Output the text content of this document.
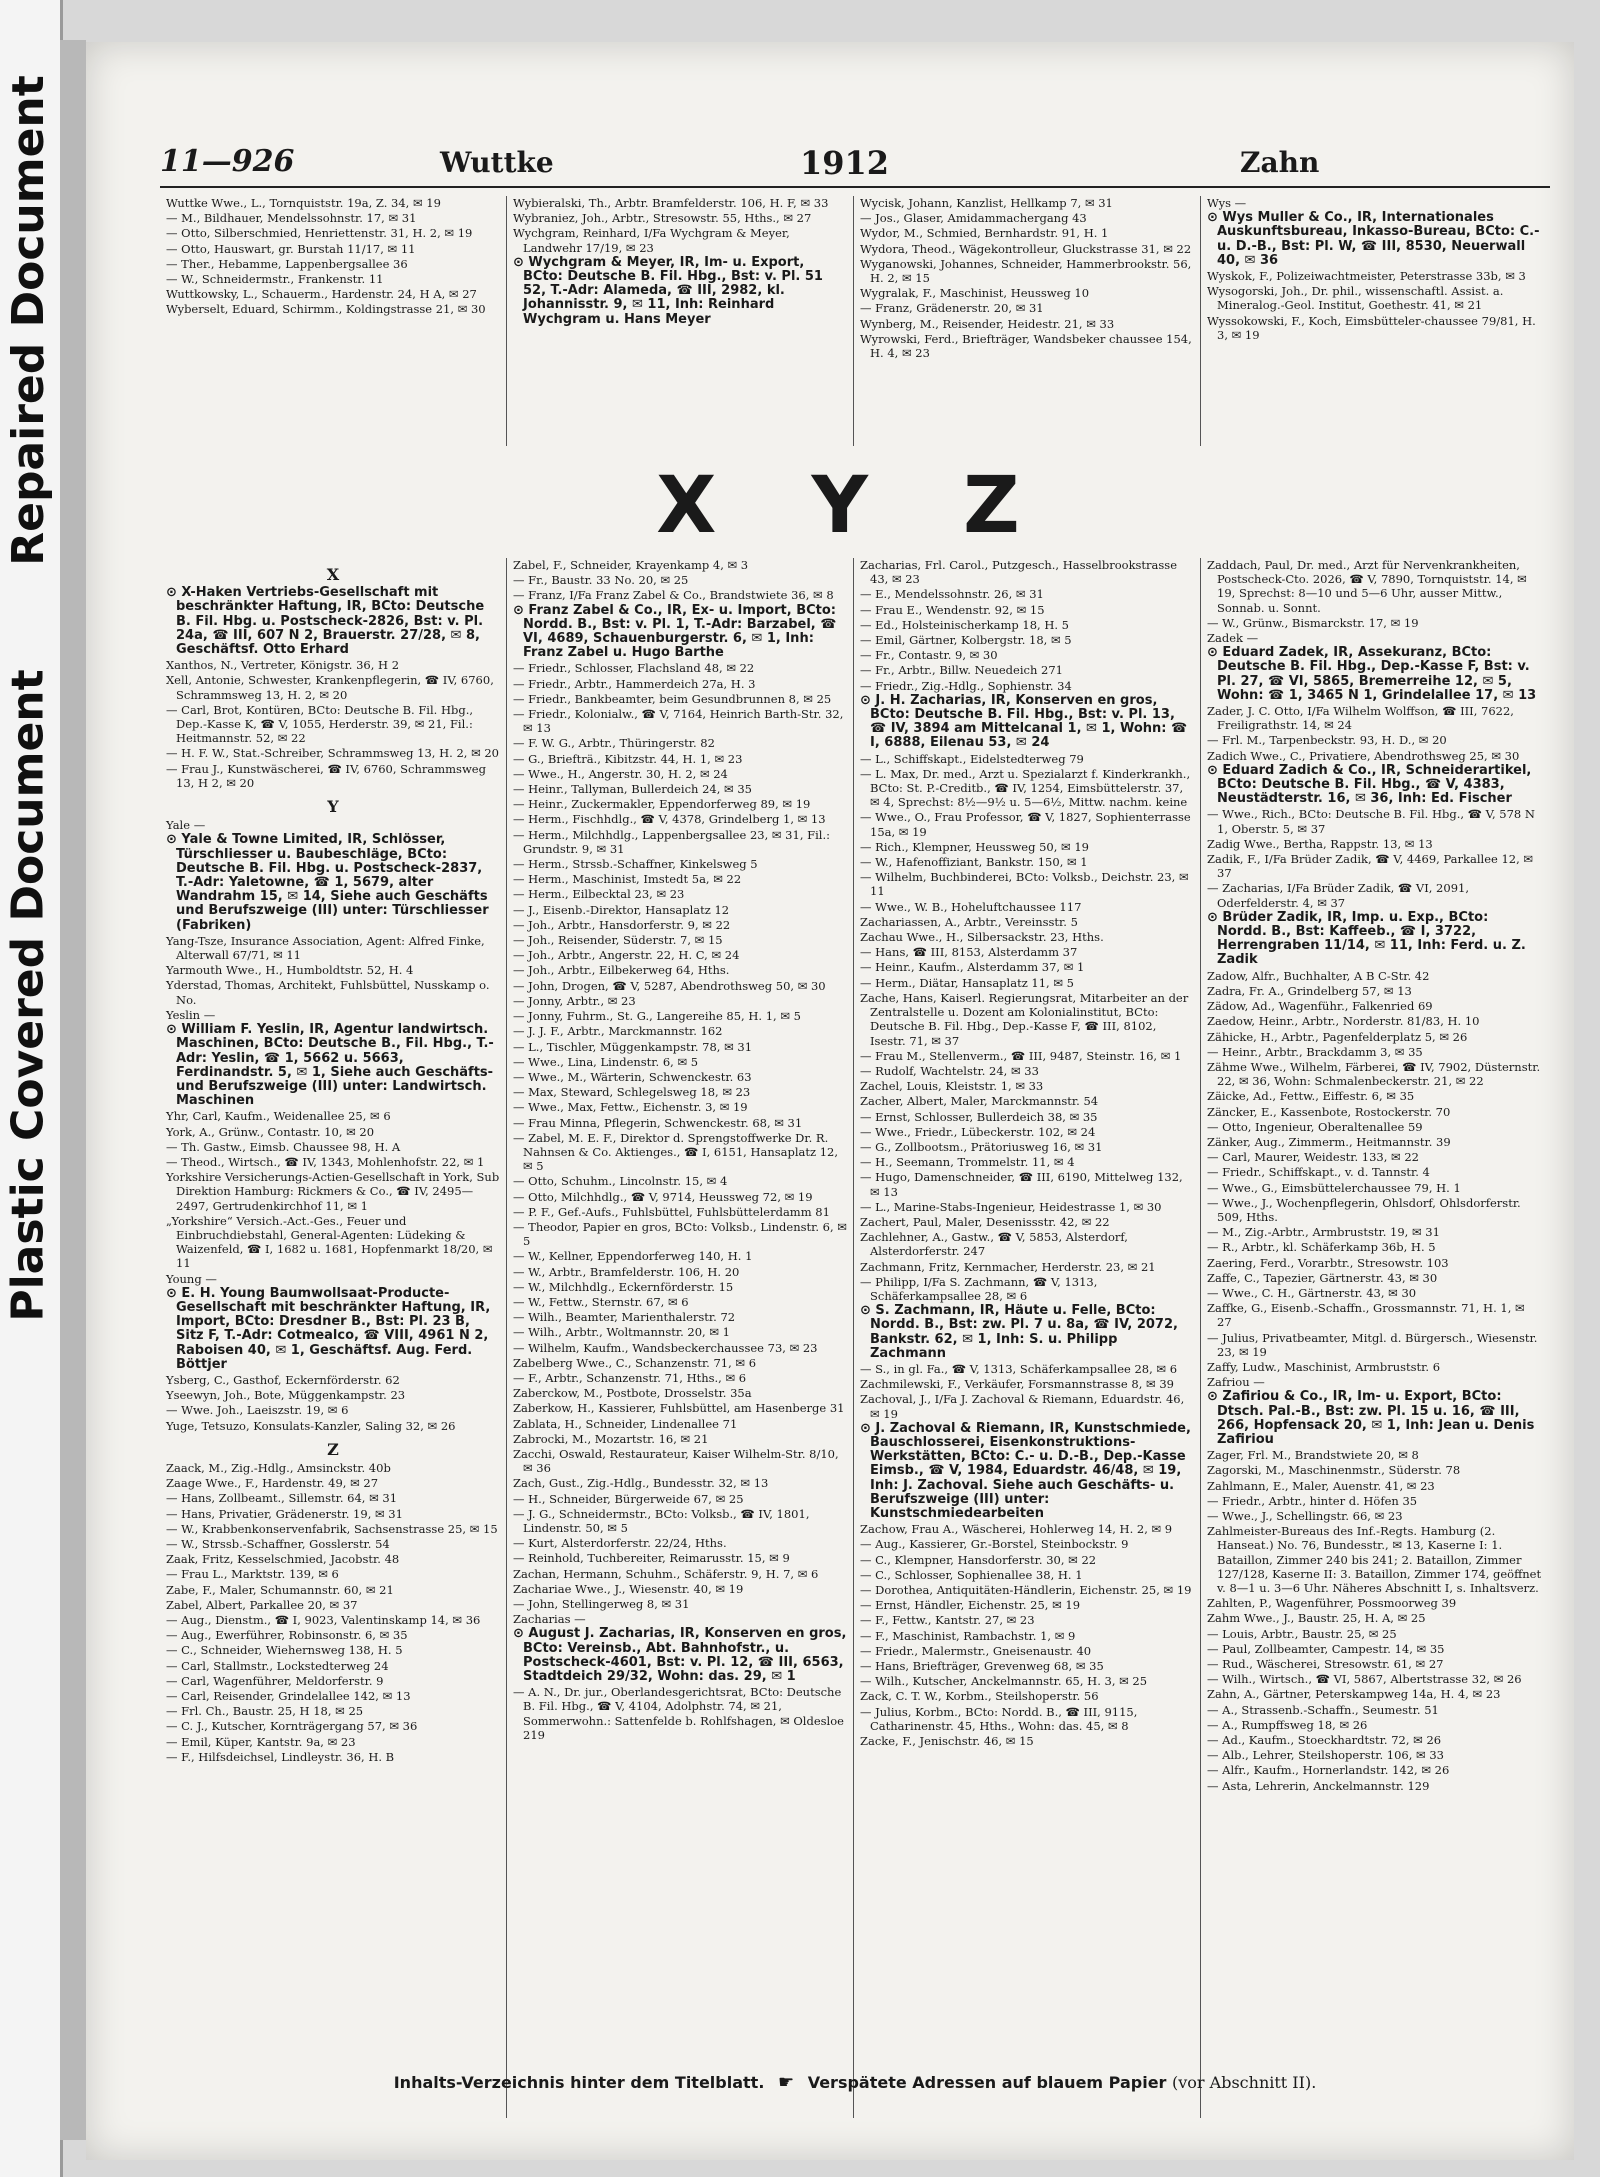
Repaired Document
Plastic Covered Document
11—926	Wuttke	1912	Zahn
Wuttke Wwe., L., Tornquiststr. 19a, Z. 34, ✉ 19
— M., Bildhauer, Mendelssohnstr. 17, ✉ 31
— Otto, Silberschmied, Henriettenstr. 31, H. 2, ✉ 19
— Otto, Hauswart, gr. Burstah 11/17, ✉ 11
— Ther., Hebamme, Lappenbergsallee 36
— W., Schneidermstr., Frankenstr. 11
Wuttkowsky, L., Schauerm., Hardenstr. 24, H A, ✉ 27
Wyberselt, Eduard, Schirmm., Koldingstrasse 21, ✉ 30
Wybieralski, Th., Arbtr. Bramfelderstr. 106, H. F, ✉ 33
Wybraniez, Joh., Arbtr., Stresowstr. 55, Hths., ✉ 27
Wychgram, Reinhard, I/Fa Wychgram & Meyer, Landwehr 17/19, ✉ 23
⊙ Wychgram & Meyer, IR, Im- u. Export, BCto: Deutsche B. Fil. Hbg., Bst: v. Pl. 51 52, T.-Adr: Alameda, ☎ III, 2982, kl. Johannisstr. 9, ✉ 11, Inh: Reinhard Wychgram u. Hans Meyer
Wycisk, Johann, Kanzlist, Hellkamp 7, ✉ 31
— Jos., Glaser, Amidammachergang 43
Wydor, M., Schmied, Bernhardstr. 91, H. 1
Wydora, Theod., Wägekontrolleur, Gluckstrasse 31, ✉ 22
Wyganowski, Johannes, Schneider, Hammerbrookstr. 56, H. 2, ✉ 15
Wygralak, F., Maschinist, Heussweg 10
— Franz, Grädenerstr. 20, ✉ 31
Wynberg, M., Reisender, Heidestr. 21, ✉ 33
Wyrowski, Ferd., Briefträger, Wandsbeker chaussee 154, H. 4, ✉ 23
Wys —
⊙ Wys Muller & Co., IR, Internationales Auskunftsbureau, Inkasso-Bureau, BCto: C.- u. D.-B., Bst: Pl. W, ☎ III, 8530, Neuerwall 40, ✉ 36
Wyskok, F., Polizeiwachtmeister, Peterstrasse 33b, ✉ 3
Wysogorski, Joh., Dr. phil., wissenschaftl. Assist. a. Mineralog.-Geol. Institut, Goethestr. 41, ✉ 21
Wyssokowski, F., Koch, Eimsbütteler-chaussee 79/81, H. 3, ✉ 19
X Y Z
X
⊙ X-Haken Vertriebs-Gesellschaft mit beschränkter Haftung, IR, BCto: Deutsche B. Fil. Hbg. u. Postscheck-2826, Bst: v. Pl. 24a, ☎ III, 607 N 2, Brauerstr. 27/28, ✉ 8, Geschäftsf. Otto Erhard
Xanthos, N., Vertreter, Königstr. 36, H 2
Xell, Antonie, Schwester, Krankenpflegerin, ☎ IV, 6760, Schrammsweg 13, H. 2, ✉ 20
— Carl, Brot, Kontüren, BCto: Deutsche B. Fil. Hbg., Dep.-Kasse K, ☎ V, 1055, Herderstr. 39, ✉ 21, Fil.: Heitmannstr. 52, ✉ 22
— H. F. W., Stat.-Schreiber, Schrammsweg 13, H. 2, ✉ 20
— Frau J., Kunstwäscherei, ☎ IV, 6760, Schrammsweg 13, H 2, ✉ 20
Y
Yale —
⊙ Yale & Towne Limited, IR, Schlösser, Türschliesser u. Baubeschläge, BCto: Deutsche B. Fil. Hbg. u. Postscheck-2837, T.-Adr: Yaletowne, ☎ 1, 5679, alter Wandrahm 15, ✉ 14, Siehe auch Geschäfts und Berufszweige (III) unter: Türschliesser (Fabriken)
Yang-Tsze, Insurance Association, Agent: Alfred Finke, Alterwall 67/71, ✉ 11
Yarmouth Wwe., H., Humboldtstr. 52, H. 4
Yderstad, Thomas, Architekt, Fuhlsbüttel, Nusskamp o. No.
Yeslin —
⊙ William F. Yeslin, IR, Agentur landwirtsch. Maschinen, BCto: Deutsche B., Fil. Hbg., T.-Adr: Yeslin, ☎ 1, 5662 u. 5663, Ferdinandstr. 5, ✉ 1, Siehe auch Geschäfts- und Berufszweige (III) unter: Landwirtsch. Maschinen
Yhr, Carl, Kaufm., Weidenallee 25, ✉ 6
York, A., Grünw., Contastr. 10, ✉ 20
— Th. Gastw., Eimsb. Chaussee 98, H. A
— Theod., Wirtsch., ☎ IV, 1343, Mohlenhofstr. 22, ✉ 1
Yorkshire Versicherungs-Actien-Gesellschaft in York, Sub Direktion Hamburg: Rickmers & Co., ☎ IV, 2495—2497, Gertrudenkirchhof 11, ✉ 1
„Yorkshire“ Versich.-Act.-Ges., Feuer und Einbruchdiebstahl, General-Agenten: Lüdeking & Waizenfeld, ☎ I, 1682 u. 1681, Hopfenmarkt 18/20, ✉ 11
Young —
⊙ E. H. Young Baumwollsaat-Producte-Gesellschaft mit beschränkter Haftung, IR, Import, BCto: Dresdner B., Bst: Pl. 23 B, Sitz F, T.-Adr: Cotmealco, ☎ VIII, 4961 N 2, Raboisen 40, ✉ 1, Geschäftsf. Aug. Ferd. Böttjer
Ysberg, C., Gasthof, Eckernförderstr. 62
Yseewyn, Joh., Bote, Müggenkampstr. 23
— Wwe. Joh., Laeiszstr. 19, ✉ 6
Yuge, Tetsuzo, Konsulats-Kanzler, Saling 32, ✉ 26
Z
Zaack, M., Zig.-Hdlg., Amsinckstr. 40b
Zaage Wwe., F., Hardenstr. 49, ✉ 27
— Hans, Zollbeamt., Sillemstr. 64, ✉ 31
— Hans, Privatier, Grädenerstr. 19, ✉ 31
— W., Krabbenkonservenfabrik, Sachsenstrasse 25, ✉ 15
— W., Strssb.-Schaffner, Gosslerstr. 54
Zaak, Fritz, Kesselschmied, Jacobstr. 48
— Frau L., Marktstr. 139, ✉ 6
Zabe, F., Maler, Schumannstr. 60, ✉ 21
Zabel, Albert, Parkallee 20, ✉ 37
— Aug., Dienstm., ☎ I, 9023, Valentinskamp 14, ✉ 36
— Aug., Ewerführer, Robinsonstr. 6, ✉ 35
— C., Schneider, Wiehernsweg 138, H. 5
— Carl, Stallmstr., Lockstedterweg 24
— Carl, Wagenführer, Meldorferstr. 9
— Carl, Reisender, Grindelallee 142, ✉ 13
— Frl. Ch., Baustr. 25, H 18, ✉ 25
— C. J., Kutscher, Kornträgergang 57, ✉ 36
— Emil, Küper, Kantstr. 9a, ✉ 23
— F., Hilfsdeichsel, Lindleystr. 36, H. B
Zabel, F., Schneider, Krayenkamp 4, ✉ 3
— Fr., Baustr. 33 No. 20, ✉ 25
— Franz, I/Fa Franz Zabel & Co., Brandstwiete 36, ✉ 8
⊙ Franz Zabel & Co., IR, Ex- u. Import, BCto: Nordd. B., Bst: v. Pl. 1, T.-Adr: Barzabel, ☎ VI, 4689, Schauenburgerstr. 6, ✉ 1, Inh: Franz Zabel u. Hugo Barthe
— Friedr., Schlosser, Flachsland 48, ✉ 22
— Friedr., Arbtr., Hammerdeich 27a, H. 3
— Friedr., Bankbeamter, beim Gesundbrunnen 8, ✉ 25
— Friedr., Kolonialw., ☎ V, 7164, Heinrich Barth-Str. 32, ✉ 13
— F. W. G., Arbtr., Thüringerstr. 82
— G., Briefträ., Kibitzstr. 44, H. 1, ✉ 23
— Wwe., H., Angerstr. 30, H. 2, ✉ 24
— Heinr., Tallyman, Bullerdeich 24, ✉ 35
— Heinr., Zuckermakler, Eppendorferweg 89, ✉ 19
— Herm., Fischhdlg., ☎ V, 4378, Grindelberg 1, ✉ 13
— Herm., Milchhdlg., Lappenbergsallee 23, ✉ 31, Fil.: Grundstr. 9, ✉ 31
— Herm., Strssb.-Schaffner, Kinkelsweg 5
— Herm., Maschinist, Imstedt 5a, ✉ 22
— Herm., Eilbecktal 23, ✉ 23
— J., Eisenb.-Direktor, Hansaplatz 12
— Joh., Arbtr., Hansdorferstr. 9, ✉ 22
— Joh., Reisender, Süderstr. 7, ✉ 15
— Joh., Arbtr., Angerstr. 22, H. C, ✉ 24
— Joh., Arbtr., Eilbekerweg 64, Hths.
— John, Drogen, ☎ V, 5287, Abendrothsweg 50, ✉ 30
— Jonny, Arbtr., ✉ 23
— Jonny, Fuhrm., St. G., Langereihe 85, H. 1, ✉ 5
— J. J. F., Arbtr., Marckmannstr. 162
— L., Tischler, Müggenkampstr. 78, ✉ 31
— Wwe., Lina, Lindenstr. 6, ✉ 5
— Wwe., M., Wärterin, Schwenckestr. 63
— Max, Steward, Schlegelsweg 18, ✉ 23
— Wwe., Max, Fettw., Eichenstr. 3, ✉ 19
— Frau Minna, Pflegerin, Schwenckestr. 68, ✉ 31
— Zabel, M. E. F., Direktor d. Sprengstoffwerke Dr. R. Nahnsen & Co. Aktienges., ☎ I, 6151, Hansaplatz 12, ✉ 5
— Otto, Schuhm., Lincolnstr. 15, ✉ 4
— Otto, Milchhdlg., ☎ V, 9714, Heussweg 72, ✉ 19
— P. F., Gef.-Aufs., Fuhlsbüttel, Fuhlsbüttelerdamm 81
— Theodor, Papier en gros, BCto: Volksb., Lindenstr. 6, ✉ 5
— W., Kellner, Eppendorferweg 140, H. 1
— W., Arbtr., Bramfelderstr. 106, H. 20
— W., Milchhdlg., Eckernförderstr. 15
— W., Fettw., Sternstr. 67, ✉ 6
— Wilh., Beamter, Marienthalerstr. 72
— Wilh., Arbtr., Woltmannstr. 20, ✉ 1
— Wilhelm, Kaufm., Wandsbeckerchaussee 73, ✉ 23
Zabelberg Wwe., C., Schanzenstr. 71, ✉ 6
— F., Arbtr., Schanzenstr. 71, Hths., ✉ 6
Zaberckow, M., Postbote, Drosselstr. 35a
Zaberkow, H., Kassierer, Fuhlsbüttel, am Hasenberge 31
Zablata, H., Schneider, Lindenallee 71
Zabrocki, M., Mozartstr. 16, ✉ 21
Zacchi, Oswald, Restaurateur, Kaiser Wilhelm-Str. 8/10, ✉ 36
Zach, Gust., Zig.-Hdlg., Bundesstr. 32, ✉ 13
— H., Schneider, Bürgerweide 67, ✉ 25
— J. G., Schneidermstr., BCto: Volksb., ☎ IV, 1801, Lindenstr. 50, ✉ 5
— Kurt, Alsterdorferstr. 22/24, Hths.
— Reinhold, Tuchbereiter, Reimarusstr. 15, ✉ 9
Zachan, Hermann, Schuhm., Schäferstr. 9, H. 7, ✉ 6
Zachariae Wwe., J., Wiesenstr. 40, ✉ 19
— John, Stellingerweg 8, ✉ 31
Zacharias —
⊙ August J. Zacharias, IR, Konserven en gros, BCto: Vereinsb., Abt. Bahnhofstr., u. Postscheck-4601, Bst: v. Pl. 12, ☎ III, 6563, Stadtdeich 29/32, Wohn: das. 29, ✉ 1
— A. N., Dr. jur., Oberlandesgerichtsrat, BCto: Deutsche B. Fil. Hbg., ☎ V, 4104, Adolphstr. 74, ✉ 21, Sommerwohn.: Sattenfelde b. Rohlfshagen, ✉ Oldesloe 219
Zacharias, Frl. Carol., Putzgesch., Hasselbrookstrasse 43, ✉ 23
— E., Mendelssohnstr. 26, ✉ 31
— Frau E., Wendenstr. 92, ✉ 15
— Ed., Holsteinischerkamp 18, H. 5
— Emil, Gärtner, Kolbergstr. 18, ✉ 5
— Fr., Contastr. 9, ✉ 30
— Fr., Arbtr., Billw. Neuedeich 271
— Friedr., Zig.-Hdlg., Sophienstr. 34
⊙ J. H. Zacharias, IR, Konserven en gros, BCto: Deutsche B. Fil. Hbg., Bst: v. Pl. 13, ☎ IV, 3894 am Mittelcanal 1, ✉ 1, Wohn: ☎ I, 6888, Eilenau 53, ✉ 24
— L., Schiffskapt., Eidelstedterweg 79
— L. Max, Dr. med., Arzt u. Spezialarzt f. Kinderkrankh., BCto: St. P.-Creditb., ☎ IV, 1254, Eimsbüttelerstr. 37, ✉ 4, Sprechst: 8½—9½ u. 5—6½, Mittw. nachm. keine
— Wwe., O., Frau Professor, ☎ V, 1827, Sophienterrasse 15a, ✉ 19
— Rich., Klempner, Heussweg 50, ✉ 19
— W., Hafenoffiziant, Bankstr. 150, ✉ 1
— Wilhelm, Buchbinderei, BCto: Volksb., Deichstr. 23, ✉ 11
— Wwe., W. B., Hoheluftchaussee 117
Zachariassen, A., Arbtr., Vereinsstr. 5
Zachau Wwe., H., Silbersackstr. 23, Hths.
— Hans, ☎ III, 8153, Alsterdamm 37
— Heinr., Kaufm., Alsterdamm 37, ✉ 1
— Herm., Diätar, Hansaplatz 11, ✉ 5
Zache, Hans, Kaiserl. Regierungsrat, Mitarbeiter an der Zentralstelle u. Dozent am Kolonialinstitut, BCto: Deutsche B. Fil. Hbg., Dep.-Kasse F, ☎ III, 8102, Isestr. 71, ✉ 37
— Frau M., Stellenverm., ☎ III, 9487, Steinstr. 16, ✉ 1
— Rudolf, Wachtelstr. 24, ✉ 33
Zachel, Louis, Kleiststr. 1, ✉ 33
Zacher, Albert, Maler, Marckmannstr. 54
— Ernst, Schlosser, Bullerdeich 38, ✉ 35
— Wwe., Friedr., Lübeckerstr. 102, ✉ 24
— G., Zollbootsm., Prätoriusweg 16, ✉ 31
— H., Seemann, Trommelstr. 11, ✉ 4
— Hugo, Damenschneider, ☎ III, 6190, Mittelweg 132, ✉ 13
— L., Marine-Stabs-Ingenieur, Heidestrasse 1, ✉ 30
Zachert, Paul, Maler, Desenissstr. 42, ✉ 22
Zachlehner, A., Gastw., ☎ V, 5853, Alsterdorf, Alsterdorferstr. 247
Zachmann, Fritz, Kernmacher, Herderstr. 23, ✉ 21
— Philipp, I/Fa S. Zachmann, ☎ V, 1313, Schäferkampsallee 28, ✉ 6
⊙ S. Zachmann, IR, Häute u. Felle, BCto: Nordd. B., Bst: zw. Pl. 7 u. 8a, ☎ IV, 2072, Bankstr. 62, ✉ 1, Inh: S. u. Philipp Zachmann
— S., in gl. Fa., ☎ V, 1313, Schäferkampsallee 28, ✉ 6
Zachmilewski, F., Verkäufer, Forsmannstrasse 8, ✉ 39
Zachoval, J., I/Fa J. Zachoval & Riemann, Eduardstr. 46, ✉ 19
⊙ J. Zachoval & Riemann, IR, Kunstschmiede, Bauschlosserei, Eisenkonstruktions-Werkstätten, BCto: C.- u. D.-B., Dep.-Kasse Eimsb., ☎ V, 1984, Eduardstr. 46/48, ✉ 19, Inh: J. Zachoval. Siehe auch Geschäfts- u. Berufszweige (III) unter: Kunstschmiedearbeiten
Zachow, Frau A., Wäscherei, Hohlerweg 14, H. 2, ✉ 9
— Aug., Kassierer, Gr.-Borstel, Steinbockstr. 9
— C., Klempner, Hansdorferstr. 30, ✉ 22
— C., Schlosser, Sophienallee 38, H. 1
— Dorothea, Antiquitäten-Händlerin, Eichenstr. 25, ✉ 19
— Ernst, Händler, Eichenstr. 25, ✉ 19
— F., Fettw., Kantstr. 27, ✉ 23
— F., Maschinist, Rambachstr. 1, ✉ 9
— Friedr., Malermstr., Gneisenaustr. 40
— Hans, Briefträger, Grevenweg 68, ✉ 35
— Wilh., Kutscher, Anckelmannstr. 65, H. 3, ✉ 25
Zack, C. T. W., Korbm., Steilshoperstr. 56
— Julius, Korbm., BCto: Nordd. B., ☎ III, 9115, Catharinenstr. 45, Hths., Wohn: das. 45, ✉ 8
Zacke, F., Jenischstr. 46, ✉ 15
Zaddach, Paul, Dr. med., Arzt für Nervenkrankheiten, Postscheck-Cto. 2026, ☎ V, 7890, Tornquiststr. 14, ✉ 19, Sprechst: 8—10 und 5—6 Uhr, ausser Mittw., Sonnab. u. Sonnt.
— W., Grünw., Bismarckstr. 17, ✉ 19
Zadek —
⊙ Eduard Zadek, IR, Assekuranz, BCto: Deutsche B. Fil. Hbg., Dep.-Kasse F, Bst: v. Pl. 27, ☎ VI, 5865, Bremerreihe 12, ✉ 5, Wohn: ☎ 1, 3465 N 1, Grindelallee 17, ✉ 13
Zader, J. C. Otto, I/Fa Wilhelm Wolffson, ☎ III, 7622, Freiligrathstr. 14, ✉ 24
— Frl. M., Tarpenbeckstr. 93, H. D., ✉ 20
Zadich Wwe., C., Privatiere, Abendrothsweg 25, ✉ 30
⊙ Eduard Zadich & Co., IR, Schneiderartikel, BCto: Deutsche B. Fil. Hbg., ☎ V, 4383, Neustädterstr. 16, ✉ 36, Inh: Ed. Fischer
— Wwe., Rich., BCto: Deutsche B. Fil. Hbg., ☎ V, 578 N 1, Oberstr. 5, ✉ 37
Zadig Wwe., Bertha, Rappstr. 13, ✉ 13
Zadik, F., I/Fa Brüder Zadik, ☎ V, 4469, Parkallee 12, ✉ 37
— Zacharias, I/Fa Brüder Zadik, ☎ VI, 2091, Oderfelderstr. 4, ✉ 37
⊙ Brüder Zadik, IR, Imp. u. Exp., BCto: Nordd. B., Bst: Kaffeeb., ☎ I, 3722, Herrengraben 11/14, ✉ 11, Inh: Ferd. u. Z. Zadik
Zadow, Alfr., Buchhalter, A B C-Str. 42
Zadra, Fr. A., Grindelberg 57, ✉ 13
Zädow, Ad., Wagenführ., Falkenried 69
Zaedow, Heinr., Arbtr., Norderstr. 81/83, H. 10
Zähicke, H., Arbtr., Pagenfelderplatz 5, ✉ 26
— Heinr., Arbtr., Brackdamm 3, ✉ 35
Zähme Wwe., Wilhelm, Färberei, ☎ IV, 7902, Düsternstr. 22, ✉ 36, Wohn: Schmalenbeckerstr. 21, ✉ 22
Zäicke, Ad., Fettw., Eiffestr. 6, ✉ 35
Zäncker, E., Kassenbote, Rostockerstr. 70
— Otto, Ingenieur, Oberaltenallee 59
Zänker, Aug., Zimmerm., Heitmannstr. 39
— Carl, Maurer, Weidestr. 133, ✉ 22
— Friedr., Schiffskapt., v. d. Tannstr. 4
— Wwe., G., Eimsbüttelerchaussee 79, H. 1
— Wwe., J., Wochenpflegerin, Ohlsdorf, Ohlsdorferstr. 509, Hths.
— M., Zig.-Arbtr., Armbruststr. 19, ✉ 31
— R., Arbtr., kl. Schäferkamp 36b, H. 5
Zaering, Ferd., Vorarbtr., Stresowstr. 103
Zaffe, C., Tapezier, Gärtnerstr. 43, ✉ 30
— Wwe., C. H., Gärtnerstr. 43, ✉ 30
Zaffke, G., Eisenb.-Schaffn., Grossmannstr. 71, H. 1, ✉ 27
— Julius, Privatbeamter, Mitgl. d. Bürgersch., Wiesenstr. 23, ✉ 19
Zaffy, Ludw., Maschinist, Armbruststr. 6
Zafriou —
⊙ Zafiriou & Co., IR, Im- u. Export, BCto: Dtsch. Pal.-B., Bst: zw. Pl. 15 u. 16, ☎ III, 266, Hopfensack 20, ✉ 1, Inh: Jean u. Denis Zafiriou
Zager, Frl. M., Brandstwiete 20, ✉ 8
Zagorski, M., Maschinenmstr., Süderstr. 78
Zahlmann, E., Maler, Auenstr. 41, ✉ 23
— Friedr., Arbtr., hinter d. Höfen 35
— Wwe., J., Schellingstr. 66, ✉ 23
Zahlmeister-Bureaus des Inf.-Regts. Hamburg (2. Hanseat.) No. 76, Bundesstr., ✉ 13, Kaserne I: 1. Bataillon, Zimmer 240 bis 241; 2. Bataillon, Zimmer 127/128, Kaserne II: 3. Bataillon, Zimmer 174, geöffnet v. 8—1 u. 3—6 Uhr. Näheres Abschnitt I, s. Inhaltsverz.
Zahlten, P., Wagenführer, Possmoorweg 39
Zahm Wwe., J., Baustr. 25, H. A, ✉ 25
— Louis, Arbtr., Baustr. 25, ✉ 25
— Paul, Zollbeamter, Campestr. 14, ✉ 35
— Rud., Wäscherei, Stresowstr. 61, ✉ 27
— Wilh., Wirtsch., ☎ VI, 5867, Albertstrasse 32, ✉ 26
Zahn, A., Gärtner, Peterskampweg 14a, H. 4, ✉ 23
— A., Strassenb.-Schaffn., Seumestr. 51
— A., Rumpffsweg 18, ✉ 26
— Ad., Kaufm., Stoeckhardtstr. 72, ✉ 26
— Alb., Lehrer, Steilshoperstr. 106, ✉ 33
— Alfr., Kaufm., Hornerlandstr. 142, ✉ 26
— Asta, Lehrerin, Anckelmannstr. 129
Inhalts-Verzeichnis hinter dem Titelblatt. ☛ Verspätete Adressen auf blauem Papier (vor Abschnitt II).
